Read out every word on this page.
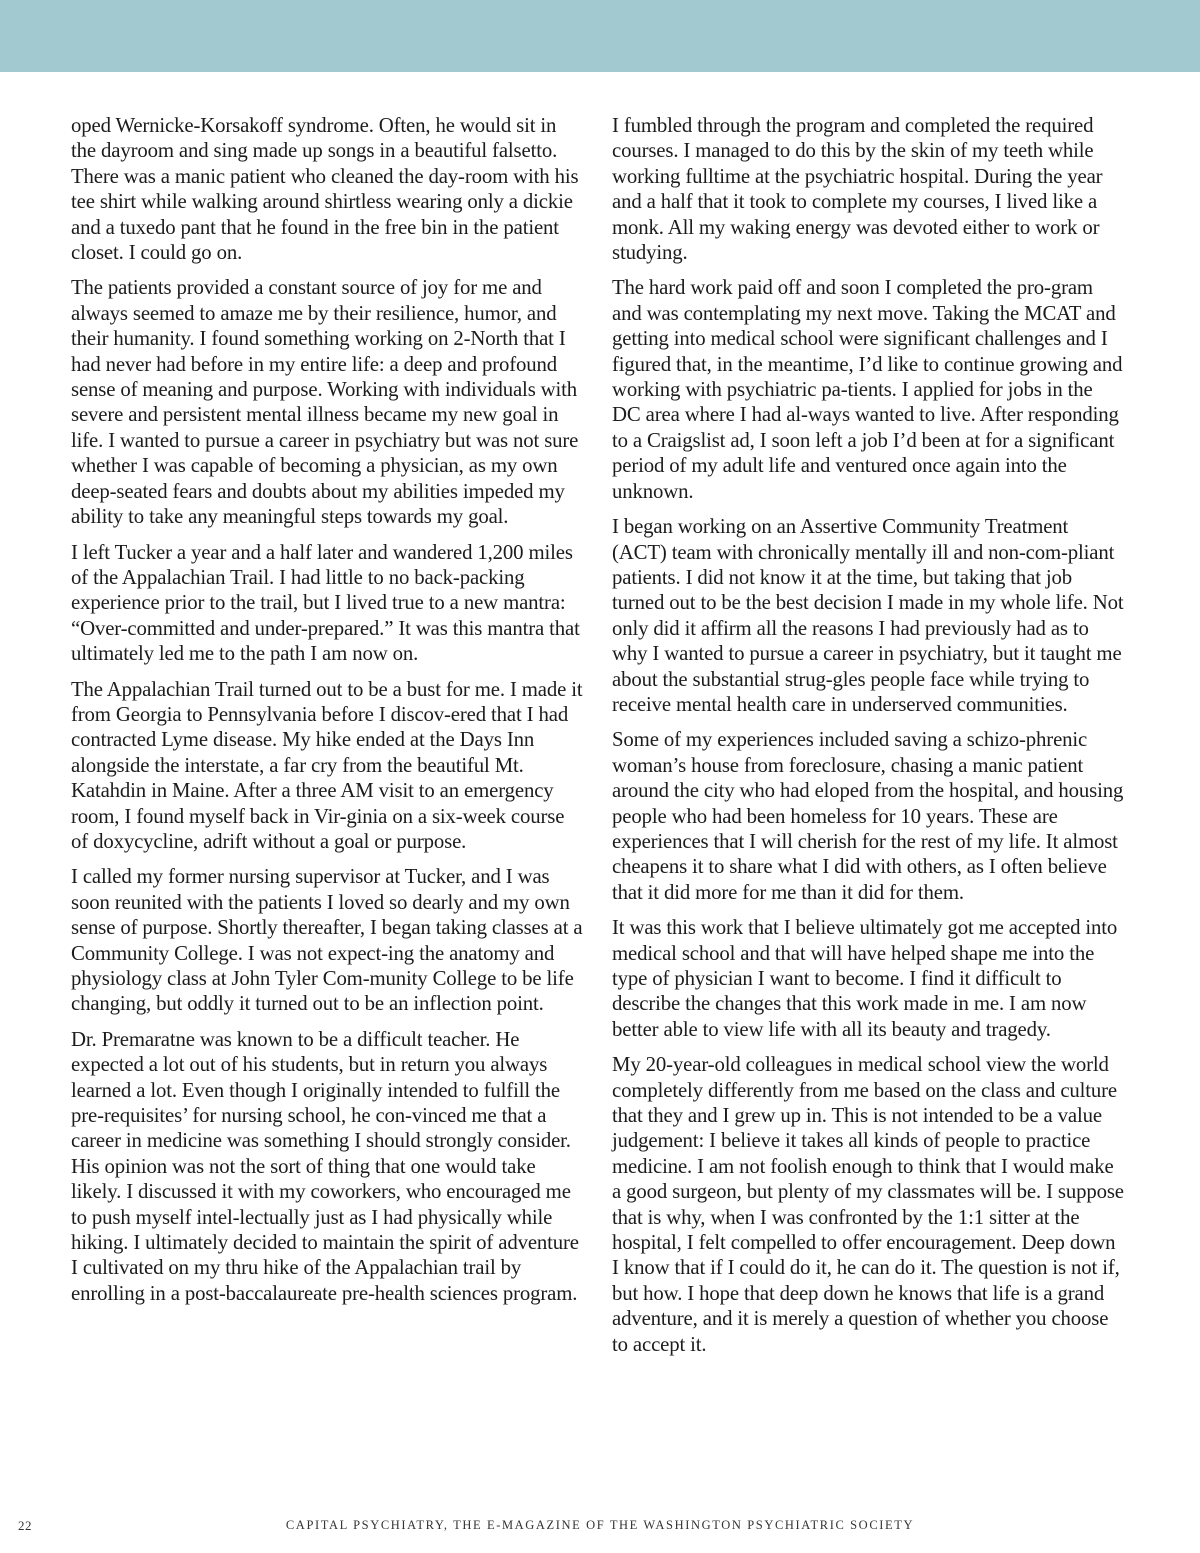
oped Wernicke-Korsakoff syndrome. Often, he would sit in the dayroom and sing made up songs in a beautiful falsetto. There was a manic patient who cleaned the day-room with his tee shirt while walking around shirtless wearing only a dickie and a tuxedo pant that he found in the free bin in the patient closet. I could go on.

The patients provided a constant source of joy for me and always seemed to amaze me by their resilience, humor, and their humanity. I found something working on 2-North that I had never had before in my entire life: a deep and profound sense of meaning and purpose. Working with individuals with severe and persistent mental illness became my new goal in life. I wanted to pursue a career in psychiatry but was not sure whether I was capable of becoming a physician, as my own deep-seated fears and doubts about my abilities impeded my ability to take any meaningful steps towards my goal.

I left Tucker a year and a half later and wandered 1,200 miles of the Appalachian Trail. I had little to no back-packing experience prior to the trail, but I lived true to a new mantra: “Over-committed and under-prepared.” It was this mantra that ultimately led me to the path I am now on.

The Appalachian Trail turned out to be a bust for me. I made it from Georgia to Pennsylvania before I discov-ered that I had contracted Lyme disease. My hike ended at the Days Inn alongside the interstate, a far cry from the beautiful Mt. Katahdin in Maine. After a three AM visit to an emergency room, I found myself back in Vir-ginia on a six-week course of doxycycline, adrift without a goal or purpose.

I called my former nursing supervisor at Tucker, and I was soon reunited with the patients I loved so dearly and my own sense of purpose. Shortly thereafter, I began taking classes at a Community College. I was not expect-ing the anatomy and physiology class at John Tyler Com-munity College to be life changing, but oddly it turned out to be an inflection point.

Dr. Premaratne was known to be a difficult teacher. He expected a lot out of his students, but in return you always learned a lot. Even though I originally intended to fulfill the pre-requisites’ for nursing school, he con-vinced me that a career in medicine was something I should strongly consider. His opinion was not the sort of thing that one would take likely. I discussed it with my coworkers, who encouraged me to push myself intel-lectually just as I had physically while hiking. I ultimately decided to maintain the spirit of adventure I cultivated on my thru hike of the Appalachian trail by enrolling in a post-baccalaureate pre-health sciences program.

I fumbled through the program and completed the required courses. I managed to do this by the skin of my teeth while working fulltime at the psychiatric hospital. During the year and a half that it took to complete my courses, I lived like a monk. All my waking energy was devoted either to work or studying.

The hard work paid off and soon I completed the pro-gram and was contemplating my next move. Taking the MCAT and getting into medical school were significant challenges and I figured that, in the meantime, I’d like to continue growing and working with psychiatric pa-tients. I applied for jobs in the DC area where I had al-ways wanted to live. After responding to a Craigslist ad, I soon left a job I’d been at for a significant period of my adult life and ventured once again into the unknown.

I began working on an Assertive Community Treatment (ACT) team with chronically mentally ill and non-com-pliant patients. I did not know it at the time, but taking that job turned out to be the best decision I made in my whole life. Not only did it affirm all the reasons I had previously had as to why I wanted to pursue a career in psychiatry, but it taught me about the substantial strug-gles people face while trying to receive mental health care in underserved communities.

Some of my experiences included saving a schizo-phrenic woman’s house from foreclosure, chasing a manic patient around the city who had eloped from the hospital, and housing people who had been homeless for 10 years. These are experiences that I will cherish for the rest of my life. It almost cheapens it to share what I did with others, as I often believe that it did more for me than it did for them.

It was this work that I believe ultimately got me accepted into medical school and that will have helped shape me into the type of physician I want to become. I find it difficult to describe the changes that this work made in me. I am now better able to view life with all its beauty and tragedy.

My 20-year-old colleagues in medical school view the world completely differently from me based on the class and culture that they and I grew up in. This is not intended to be a value judgement: I believe it takes all kinds of people to practice medicine. I am not foolish enough to think that I would make a good surgeon, but plenty of my classmates will be. I suppose that is why, when I was confronted by the 1:1 sitter at the hospital, I felt compelled to offer encouragement. Deep down I know that if I could do it, he can do it. The question is not if, but how. I hope that deep down he knows that life is a grand adventure, and it is merely a question of whether you choose to accept it.

22	CAPITAL PSYCHIATRY, THE E-MAGAZINE OF THE WASHINGTON PSYCHIATRIC SOCIETY
